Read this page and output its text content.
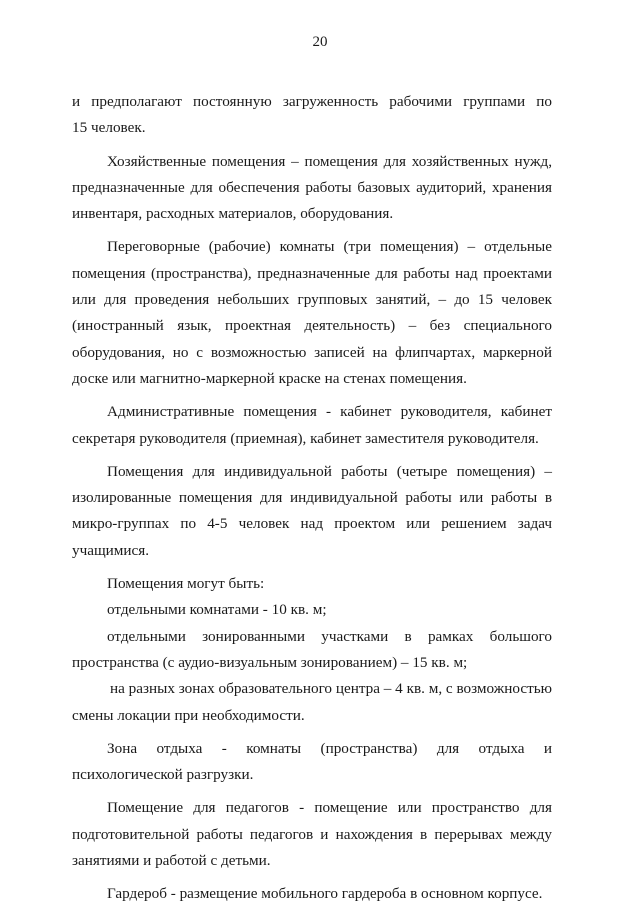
20
и предполагают постоянную загруженность рабочими группами по
15 человек.
Хозяйственные помещения – помещения для хозяйственных нужд,
предназначенные для обеспечения работы базовых аудиторий, хранения
инвентаря, расходных материалов, оборудования.
Переговорные (рабочие) комнаты (три помещения) – отдельные
помещения (пространства), предназначенные для работы над проектами
или для проведения небольших групповых занятий, – до 15 человек
(иностранный язык, проектная деятельность) – без специального
оборудования, но с возможностью записей на флипчартах, маркерной
доске или магнитно-маркерной краске на стенах помещения.
Административные помещения - кабинет руководителя, кабинет
секретаря руководителя (приемная), кабинет заместителя руководителя.
Помещения для индивидуальной работы (четыре помещения) –
изолированные помещения для индивидуальной работы или работы в
микро-группах по 4-5 человек над проектом или решением задач
учащимися.
Помещения могут быть:
отдельными комнатами - 10 кв. м;
отдельными зонированными участками в рамках большого
пространства (с аудио-визуальным зонированием) – 15 кв. м;
на разных зонах образовательного центра – 4 кв. м, с возможностью
смены локации при необходимости.
Зона отдыха - комнаты (пространства) для отдыха и
психологической разгрузки.
Помещение для педагогов - помещение или пространство для
подготовительной работы педагогов и нахождения в перерывах между
занятиями и работой с детьми.
Гардероб - размещение мобильного гардероба в основном корпусе.
